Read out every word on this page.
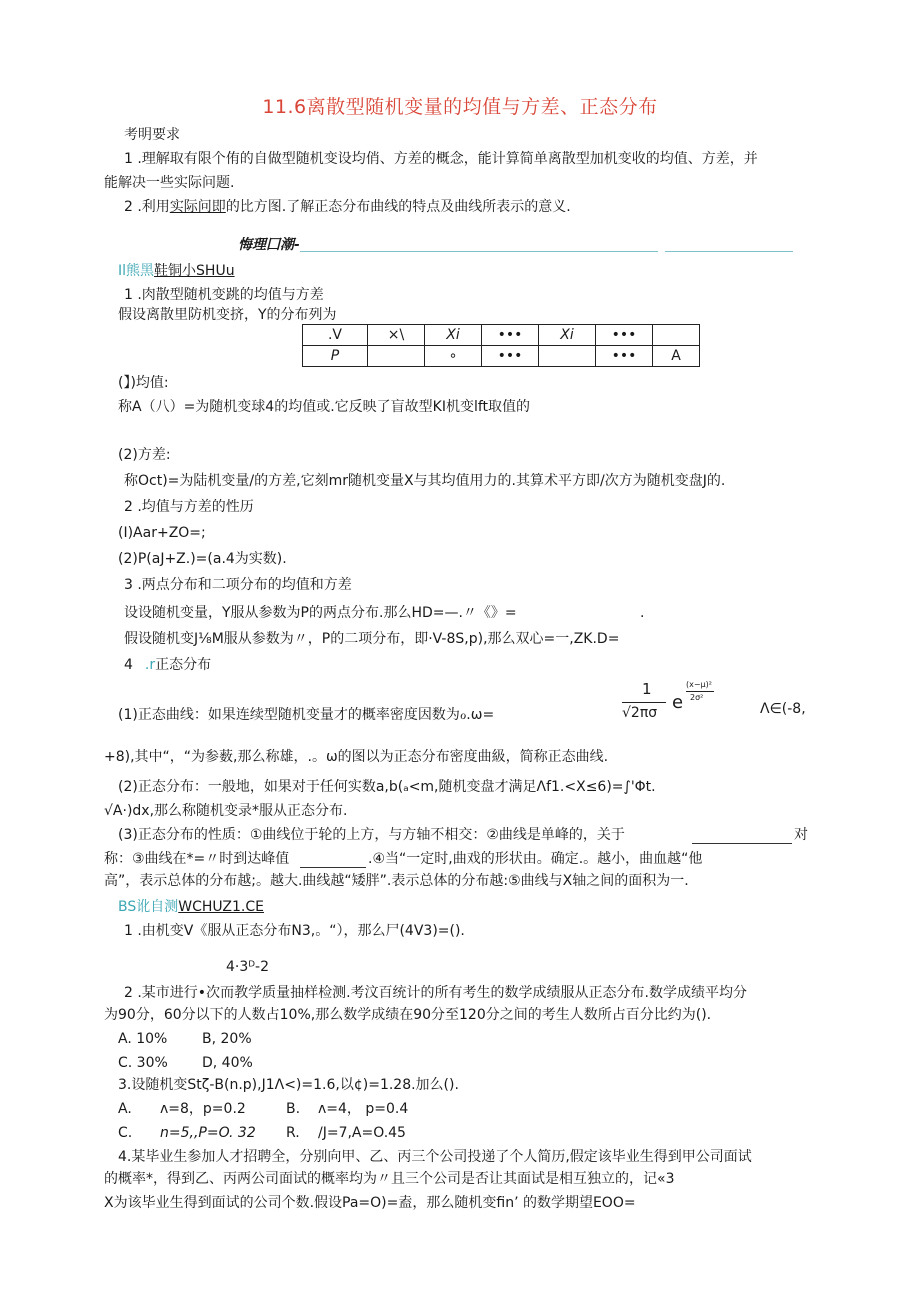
11.6离散型随机变量的均值与方差、正态分布
考明要求
1 .理解取有限个侑的自做型随机变设均俏、方差的概念，能计算简单离散型加机变收的均值、方差，并
能解决一些实际问题.
2 .利用实际问即的比方图.了解正态分布曲线的特点及曲线所表示的意义.
悔理囗潮-
Il熊黑鞋铜小SHUu
1 .肉散型随机变跳的均值与方差
假设离散里防机变挤，Y的分布列为
.V	×\	Xi	•••	Xi	•••	
P		∘	•••		•••	A
(】)均值:
称A（八）=为随机变球4的均值或.它反映了盲故型KI机变lft取值的
(2)方差:
称Oct)=为陆机变量/的方差,它刻mr随机变量X与其均值用力的.其算术平方即/次方为随机变盘J的.
2 .均值与方差的性历
(I)Aar+ZO=;
(2)P(aJ+Z.)=(a.4为实数).
3 .两点分布和二项分布的均值和方差
设设随机变量，Y服从参数为P的两点分布.那么HD=—.〃《》=	.
假设随机变J⅛M服从参数为〃，P的二项分布，即·V-8S,p),那么双心=一,ZK.D=
4 .r正态分布
(1)正态曲线：如果连续型随机变量才的概率密度因数为ℴ.ω=
1
√2πσ e
(x−μ)²
2σ²
Λ∈(-8,
+8),其中“，“为参薮,那么称雄，.。ω的图以为正态分布密度曲級，简称正态曲线.
(2)正态分布：一般地，如果对于任何实数a,b(ₐ<m,随机变盘才满足Λf1.<X≤6)=∫'Φt.
√A·)dx,那么称随机变录*服从正态分布.
(3)正态分布的性质：①曲线位于轮的上方，与方轴不相交：②曲线是单峰的，关于	对
称：③曲线在*=〃时到达峰值	.④当“一定时,曲戏的形状由。确定.。越小，曲血越“他
高”，表示总体的分布越;。越大.曲线越“矮胖”.表示总体的分布越:⑤曲线与X轴之间的面积为一.
BS讹自测WCHUZ1.CE
1 .由机变V《服从正态分布N3,。“），那么尸(4V3)=().
4·3ᴰ-2
2 .某市进行•次而教学质量抽样检测.考汶百统计的所有考生的数学成绩服从正态分布.数学成绩平均分
为90分，60分以下的人数占10%,那么数学成绩在90分至120分之间的考生人数所占百分比约为().
A. 10% B, 20%
C. 30% D, 40%
3.设随机变Stζ-B(n.p),J1Λ<)=1.6,以¢)=1.28.加么().
A. ᴧ=8，p=0.2	B. ᴧ=4， p=0.4
C. n=5,,P=O. 32 R. /J=7,A=O.45
4.某毕业生参加人才招聘全，分别向甲、乙、丙三个公司投递了个人简历,假定该毕业生得到甲公司面试
的概率*，得到乙、丙两公司面试的概率均为〃且三个公司是否让其面试是相互独立的，记«3
X为该毕业生得到面试的公司个数.假设Pa=O)=盍，那么随机变fin’ 的数学期望EOO=
